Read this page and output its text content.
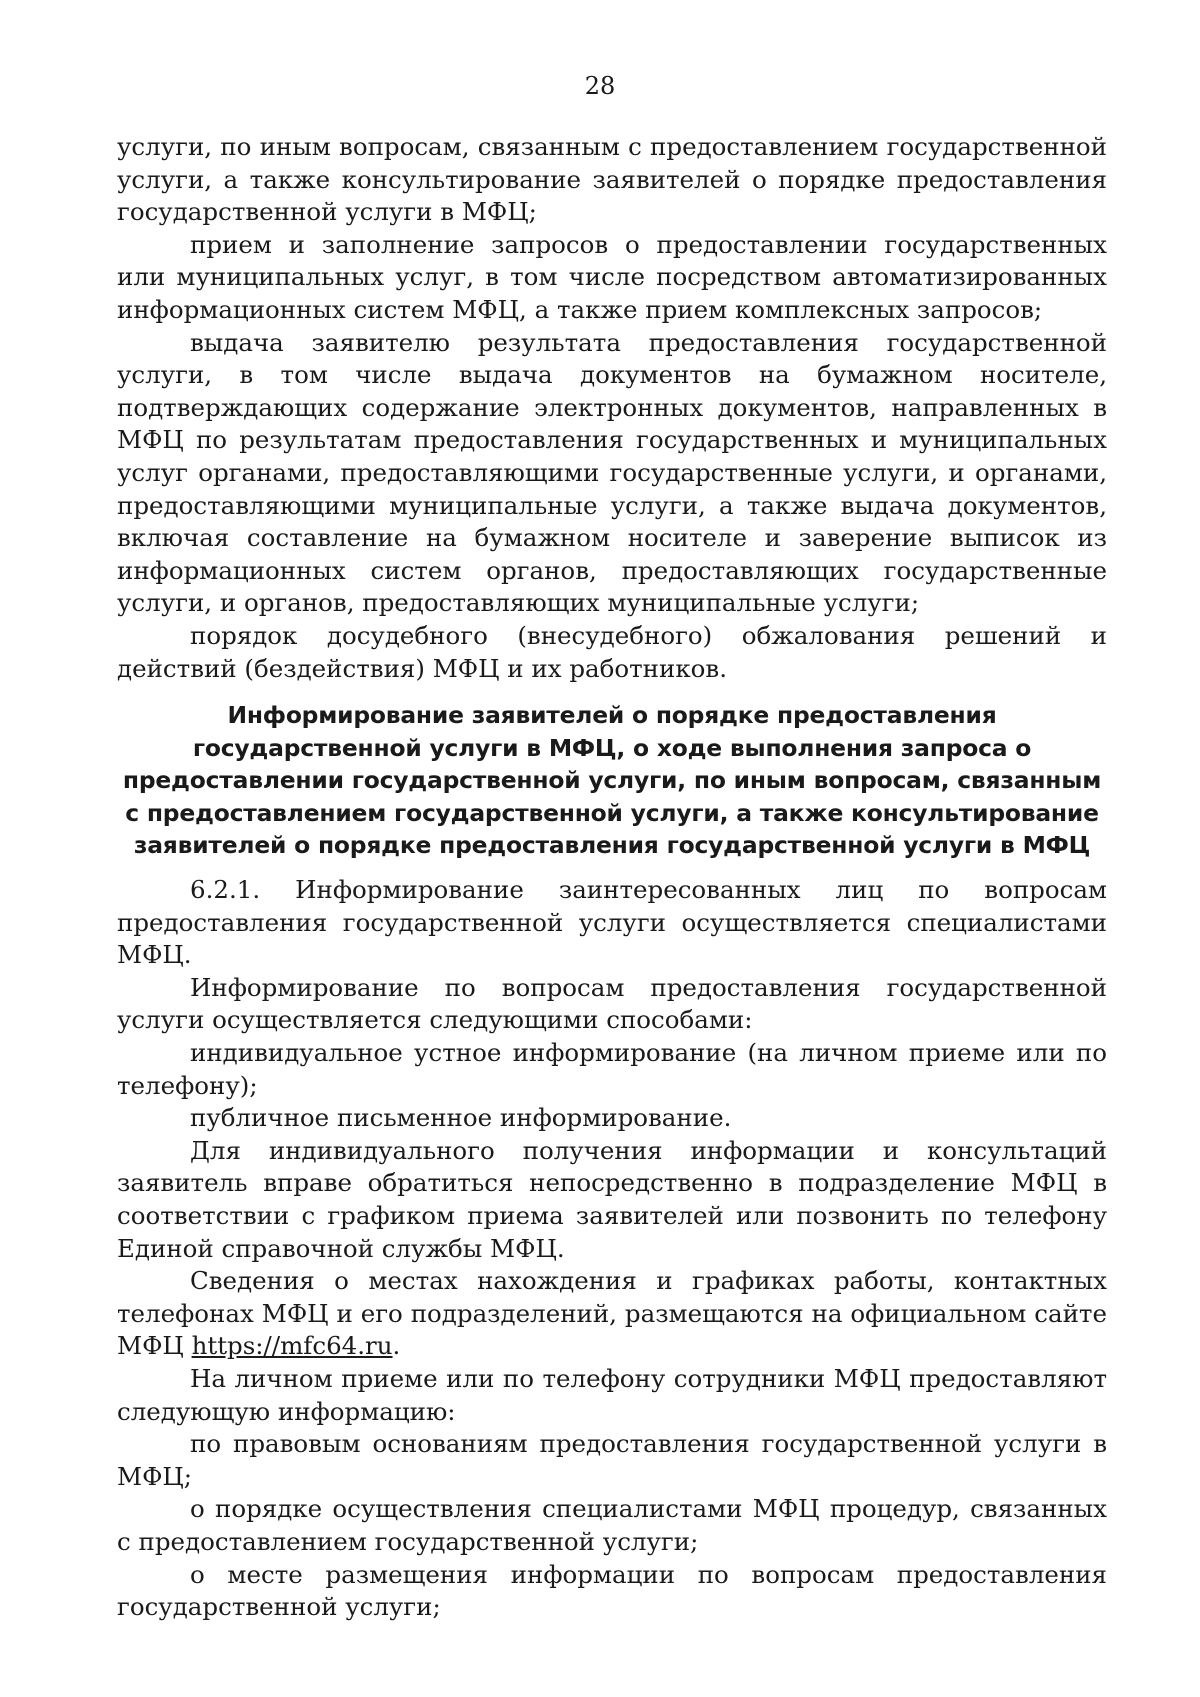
28

услуги, по иным вопросам, связанным с предоставлением государственной услуги, а также консультирование заявителей о порядке предоставления государственной услуги в МФЦ;

прием и заполнение запросов о предоставлении государственных или муниципальных услуг, в том числе посредством автоматизированных информационных систем МФЦ, а также прием комплексных запросов;

выдача заявителю результата предоставления государственной услуги, в том числе выдача документов на бумажном носителе, подтверждающих содержание электронных документов, направленных в МФЦ по результатам предоставления государственных и муниципальных услуг органами, предоставляющими государственные услуги, и органами, предоставляющими муниципальные услуги, а также выдача документов, включая составление на бумажном носителе и заверение выписок из информационных систем органов, предоставляющих государственные услуги, и органов, предоставляющих муниципальные услуги;

порядок досудебного (внесудебного) обжалования решений и действий (бездействия) МФЦ и их работников.

Информирование заявителей о порядке предоставления государственной услуги в МФЦ, о ходе выполнения запроса о предоставлении государственной услуги, по иным вопросам, связанным с предоставлением государственной услуги, а также консультирование заявителей о порядке предоставления государственной услуги в МФЦ

6.2.1. Информирование заинтересованных лиц по вопросам предоставления государственной услуги осуществляется специалистами МФЦ.

Информирование по вопросам предоставления государственной услуги осуществляется следующими способами:

индивидуальное устное информирование (на личном приеме или по телефону);

публичное письменное информирование.

Для индивидуального получения информации и консультаций заявитель вправе обратиться непосредственно в подразделение МФЦ в соответствии с графиком приема заявителей или позвонить по телефону Единой справочной службы МФЦ.

Сведения о местах нахождения и графиках работы, контактных телефонах МФЦ и его подразделений, размещаются на официальном сайте МФЦ https://mfc64.ru.

На личном приеме или по телефону сотрудники МФЦ предоставляют следующую информацию:

по правовым основаниям предоставления государственной услуги в МФЦ;

о порядке осуществления специалистами МФЦ процедур, связанных с предоставлением государственной услуги;

о месте размещения информации по вопросам предоставления государственной услуги;
